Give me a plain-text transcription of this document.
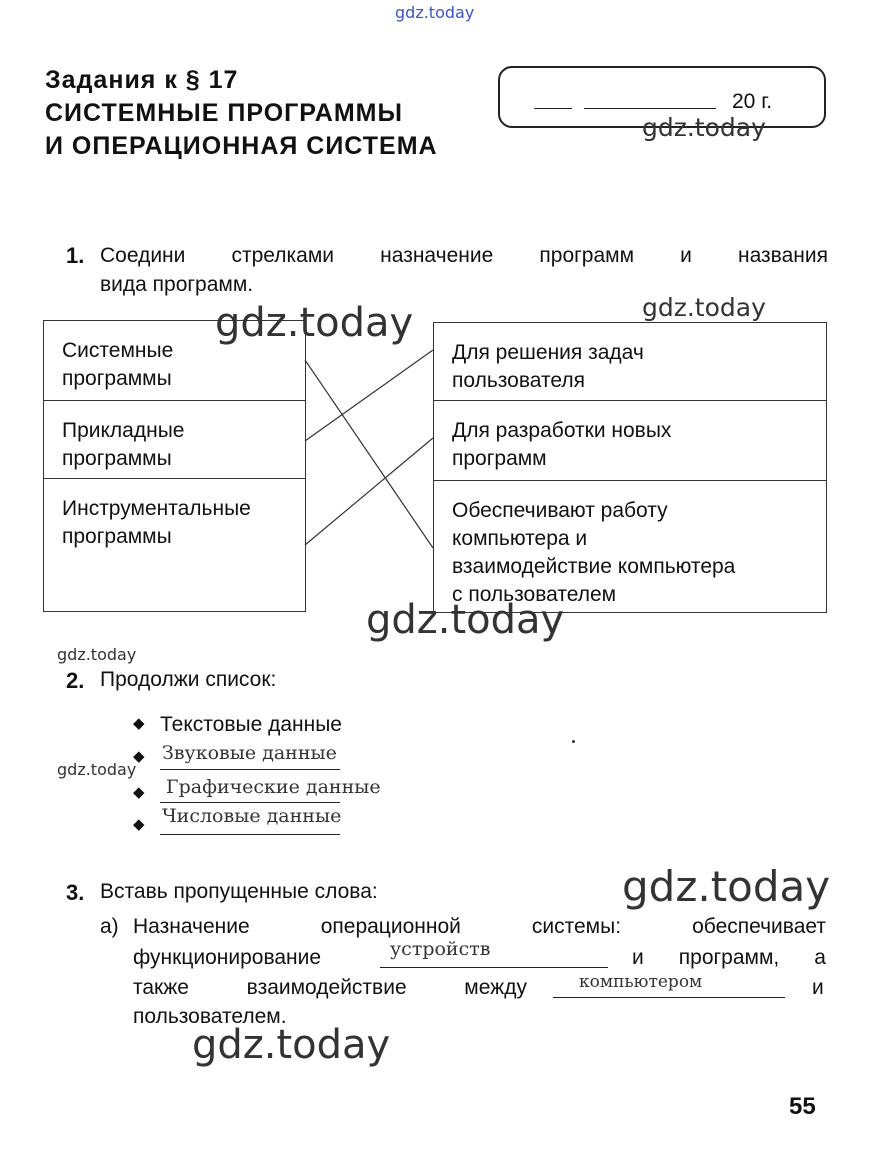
gdz.today
Задания к § 17
СИСТЕМНЫЕ ПРОГРАММЫ
И ОПЕРАЦИОННАЯ СИСТЕМА
20 г.
gdz.today
1. Соедини стрелками назначение программ и названия
вида программ.
gdz.today
Системные
программы
Прикладные
программы
Инструментальные
программы
Для решения задач
пользователя
Для разработки новых
программ
Обеспечивают работу
компьютера и
взаимодействие компьютера
с пользователем
gdz.today
gdz.today
gdz.today
2. Продолжи список:
◆ Текстовые данные
◆ Звуковые данные
◆ Графические данные
◆ Числовые данные
gdz.today
gdz.today
3. Вставь пропущенные слова:
а) Назначение	операционной	системы:	обеспечивает
функционирование	устройств	и программ, а
также	взаимодействие	между	компьютером	и
пользователем.
gdz.today
55
